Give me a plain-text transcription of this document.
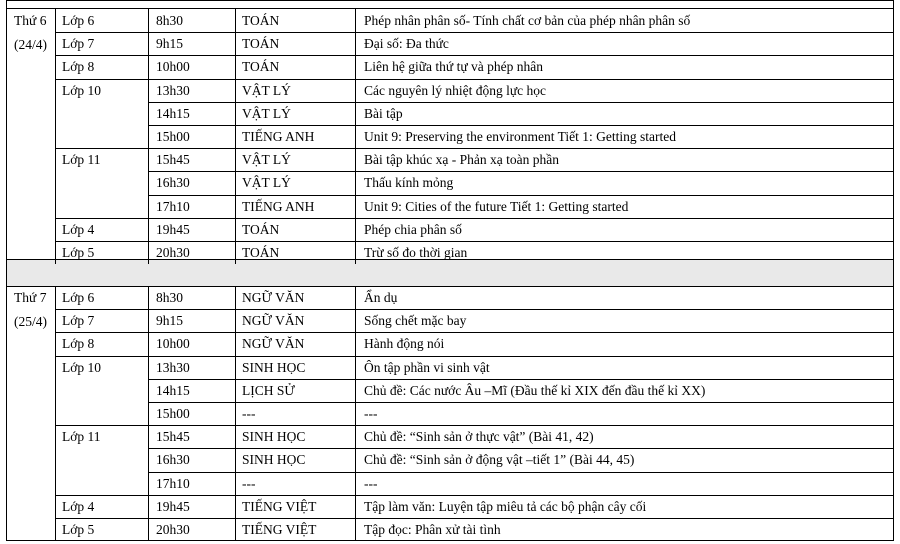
Thứ 6
(24/4)
Lớp 6	8h30	TOÁN	Phép nhân phân số- Tính chất cơ bản của phép nhân phân số
Lớp 7	9h15	TOÁN	Đại số: Đa thức
Lớp 8	10h00	TOÁN	Liên hệ giữa thứ tự và phép nhân
Lớp 10	13h30	VẬT LÝ	Các nguyên lý nhiệt động lực học
14h15	VẬT LÝ	Bài tập
15h00	TIẾNG ANH	Unit 9: Preserving the environment Tiết 1: Getting started
Lớp 11	15h45	VẬT LÝ	Bài tập khúc xạ - Phản xạ toàn phần
16h30	VẬT LÝ	Thấu kính mỏng
17h10	TIẾNG ANH	Unit 9: Cities of the future Tiết 1: Getting started
Lớp 4	19h45	TOÁN	Phép chia phân số
Lớp 5	20h30	TOÁN	Trừ số đo thời gian
Thứ 7
(25/4)
Lớp 6	8h30	NGỮ VĂN	Ẩn dụ
Lớp 7	9h15	NGỮ VĂN	Sống chết mặc bay
Lớp 8	10h00	NGỮ VĂN	Hành động nói
Lớp 10	13h30	SINH HỌC	Ôn tập phần vi sinh vật
14h15	LỊCH SỬ	Chủ đề: Các nước Âu –Mĩ (Đầu thế kỉ XIX đến đầu thế kỉ XX)
15h00	---	---
Lớp 11	15h45	SINH HỌC	Chủ đề: “Sinh sản ở thực vật” (Bài 41, 42)
16h30	SINH HỌC	Chủ đề: “Sinh sản ở động vật –tiết 1” (Bài 44, 45)
17h10	---	---
Lớp 4	19h45	TIẾNG VIỆT	Tập làm văn: Luyện tập miêu tả các bộ phận cây cối
Lớp 5	20h30	TIẾNG VIỆT	Tập đọc: Phân xử tài tình
